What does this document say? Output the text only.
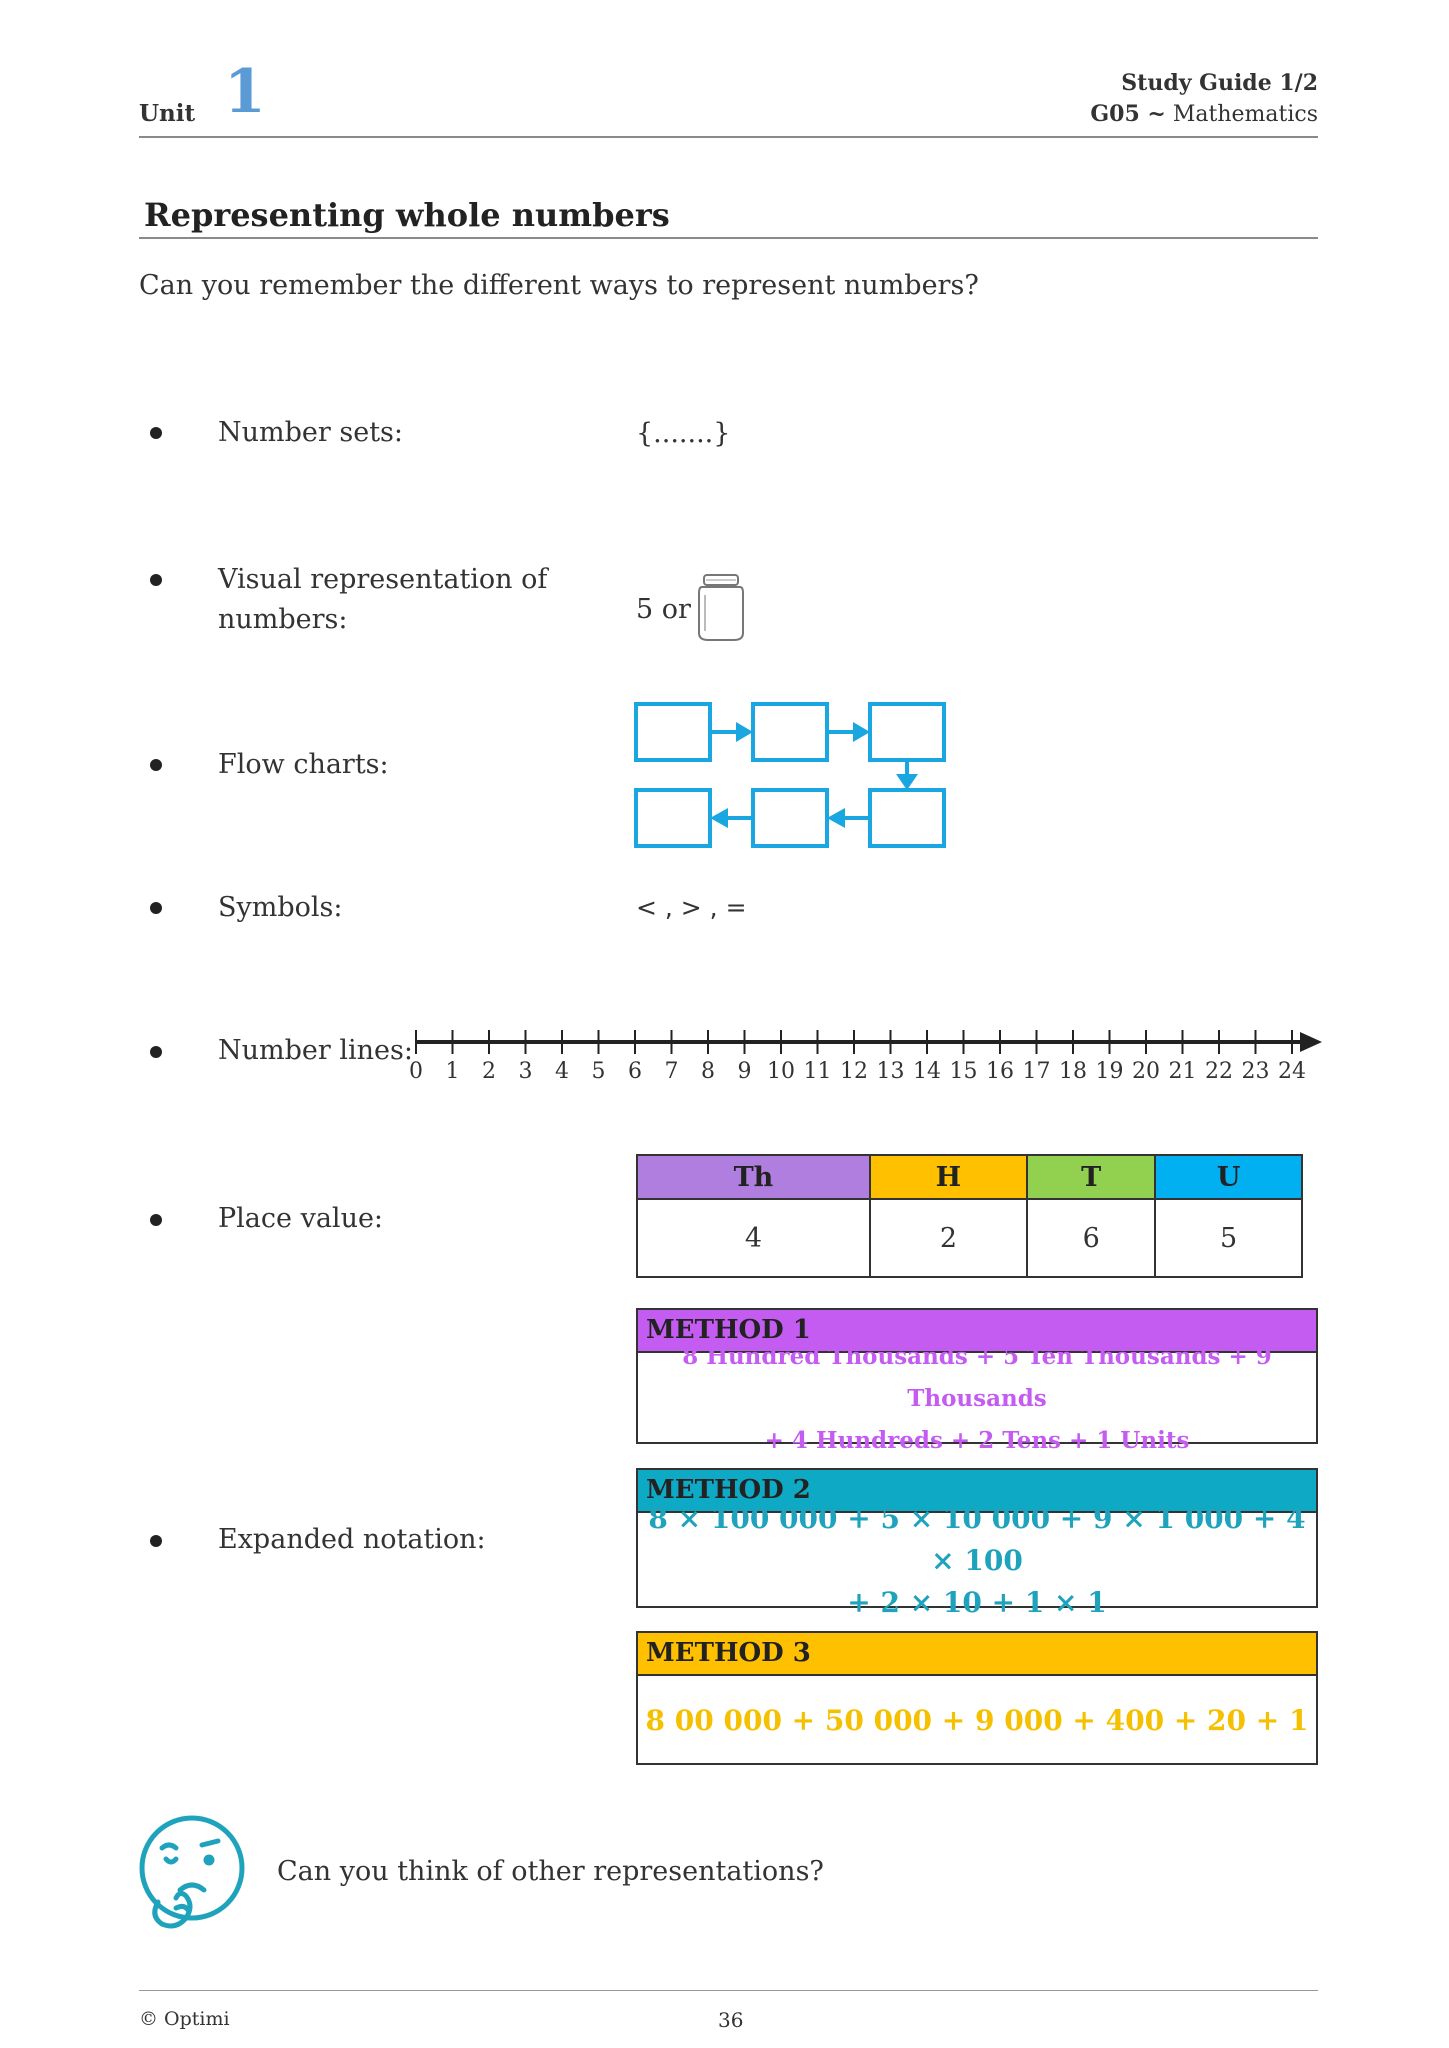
Unit 1	Study Guide 1/2
G05 ~ Mathematics
Representing whole numbers
Can you remember the different ways to represent numbers?
Number sets:	{.......}
Visual representation of
numbers:	5 or
Flow charts:
Symbols:	< , > , =
Number lines:
0 1 2 3 4 5 6 7 8 9 10 11 12 13 14 15 16 17 18 19 20 21 22 23 24
Place value:
Th	H	T	U
4	2	6	5
METHOD 1
8 Hundred Thousands + 5 Ten Thousands + 9 Thousands
+ 4 Hundreds + 2 Tens + 1 Units
Expanded notation:
METHOD 2
8 × 100 000 + 5 × 10 000 + 9 × 1 000 + 4 × 100
+ 2 × 10 + 1 × 1
METHOD 3
8 00 000 + 50 000 + 9 000 + 400 + 20 + 1
Can you think of other representations?
© Optimi	36
